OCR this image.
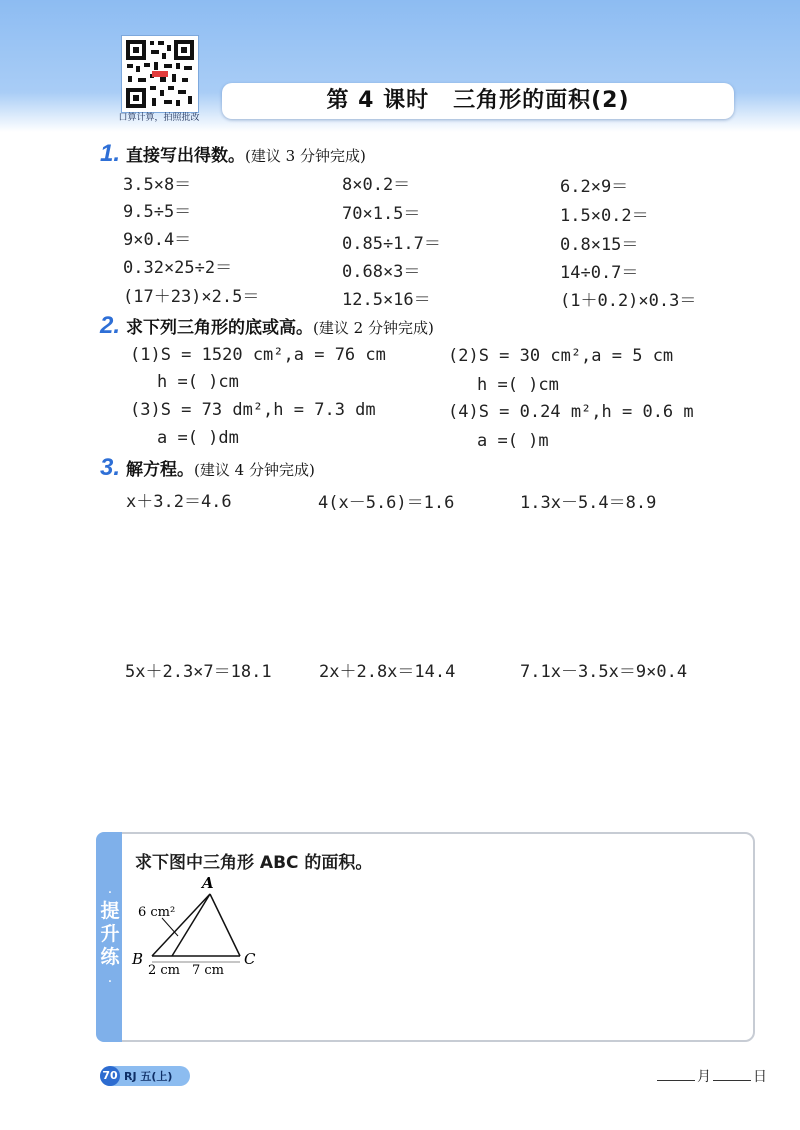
口算计算，拍照批改
第 4 课时 三角形的面积(2)
1. 直接写出得数。(建议 3 分钟完成)
3.5×8＝	8×0.2＝	6.2×9＝
9.5÷5＝	70×1.5＝	1.5×0.2＝
9×0.4＝	0.85÷1.7＝	0.8×15＝
0.32×25÷2＝	0.68×3＝	14÷0.7＝
(17＋23)×2.5＝	12.5×16＝	(1＋0.2)×0.3＝
2. 求下列三角形的底或高。(建议 2 分钟完成)
(1)S = 1520 cm²,a = 76 cm
h =( )cm
(2)S = 30 cm²,a = 5 cm
h =( )cm
(3)S = 73 dm²,h = 7.3 dm
a =( )dm
(4)S = 0.24 m²,h = 0.6 m
a =( )m
3. 解方程。(建议 4 分钟完成)
x＋3.2＝4.6	4(x－5.6)＝1.6	1.3x－5.4＝8.9
5x＋2.3×7＝18.1	2x＋2.8x＝14.4	7.1x－3.5x＝9×0.4
·
提
升
练
·
求下图中三角形 ABC 的面积。
A
B	C
6 cm²
2 cm 7 cm
70 RJ 五(上)	月	日
